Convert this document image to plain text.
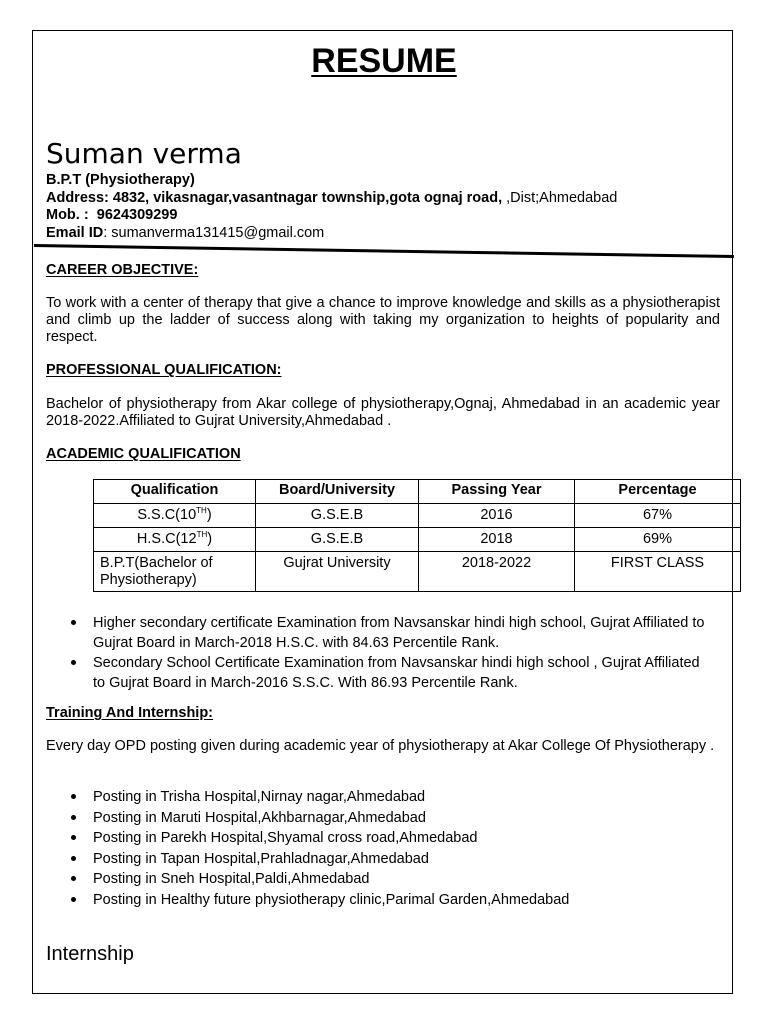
RESUME
Suman verma
B.P.T (Physiotherapy)
Address: 4832, vikasnagar,vasantnagar township,gota ognaj road, ,Dist;Ahmedabad
Mob. : 9624309299
Email ID: sumanverma131415@gmail.com
CAREER OBJECTIVE:
To work with a center of therapy that give a chance to improve knowledge and skills as a physiotherapist and climb up the ladder of success along with taking my organization to heights of popularity and respect.
PROFESSIONAL QUALIFICATION:
Bachelor of physiotherapy from Akar college of physiotherapy,Ognaj, Ahmedabad in an academic year 2018-2022.Affiliated to Gujrat University,Ahmedabad .
ACADEMIC QUALIFICATION
Qualification	Board/University	Passing Year	Percentage
S.S.C(10TH)	G.S.E.B	2016	67%
H.S.C(12TH)	G.S.E.B	2018	69%
B.P.T(Bachelor of Physiotherapy)	Gujrat University	2018-2022	FIRST CLASS
Higher secondary certificate Examination from Navsanskar hindi high school, Gujrat Affiliated to Gujrat Board in March-2018 H.S.C. with 84.63 Percentile Rank.
Secondary School Certificate Examination from Navsanskar hindi high school , Gujrat Affiliated to Gujrat Board in March-2016 S.S.C. With 86.93 Percentile Rank.
Training And Internship:
Every day OPD posting given during academic year of physiotherapy at Akar College Of Physiotherapy .
Posting in Trisha Hospital,Nirnay nagar,Ahmedabad
Posting in Maruti Hospital,Akhbarnagar,Ahmedabad
Posting in Parekh Hospital,Shyamal cross road,Ahmedabad
Posting in Tapan Hospital,Prahladnagar,Ahmedabad
Posting in Sneh Hospital,Paldi,Ahmedabad
Posting in Healthy future physiotherapy clinic,Parimal Garden,Ahmedabad
Internship
